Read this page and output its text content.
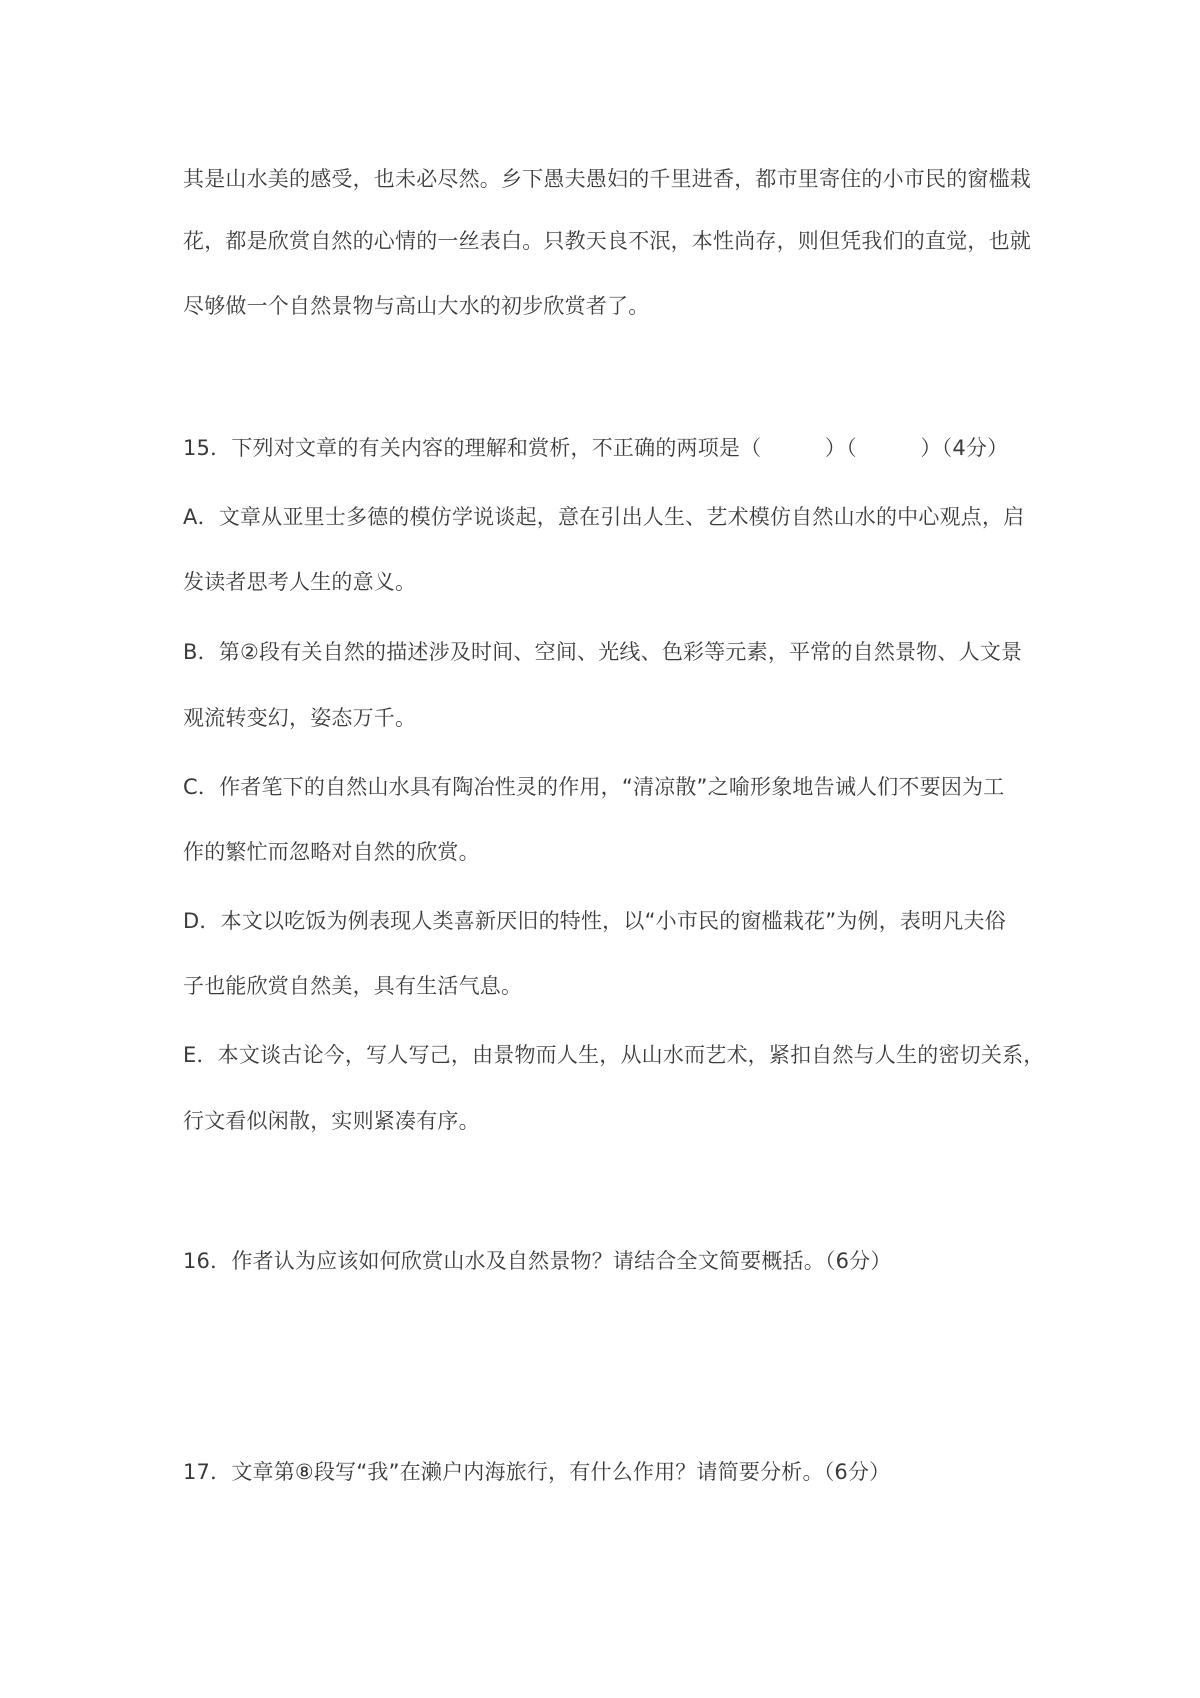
其是山水美的感受，也未必尽然。乡下愚夫愚妇的千里进香，都市里寄住的小市民的窗槛栽
花，都是欣赏自然的心情的一丝表白。只教天良不泯，本性尚存，则但凭我们的直觉，也就
尽够做一个自然景物与高山大水的初步欣赏者了。
15．下列对文章的有关内容的理解和赏析，不正确的两项是（　　　）（　　　）（4分）
A．文章从亚里士多德的模仿学说谈起，意在引出人生、艺术模仿自然山水的中心观点，启
发读者思考人生的意义。
B．第②段有关自然的描述涉及时间、空间、光线、色彩等元素，平常的自然景物、人文景
观流转变幻，姿态万千。
C．作者笔下的自然山水具有陶冶性灵的作用，“清凉散”之喻形象地告诫人们不要因为工
作的繁忙而忽略对自然的欣赏。
D．本文以吃饭为例表现人类喜新厌旧的特性，以“小市民的窗槛栽花”为例，表明凡夫俗
子也能欣赏自然美，具有生活气息。
E．本文谈古论今，写人写己，由景物而人生，从山水而艺术，紧扣自然与人生的密切关系，
行文看似闲散，实则紧凑有序。
16．作者认为应该如何欣赏山水及自然景物？请结合全文简要概括。（6分）
17．文章第⑧段写“我”在濑户内海旅行，有什么作用？请简要分析。（6分）
